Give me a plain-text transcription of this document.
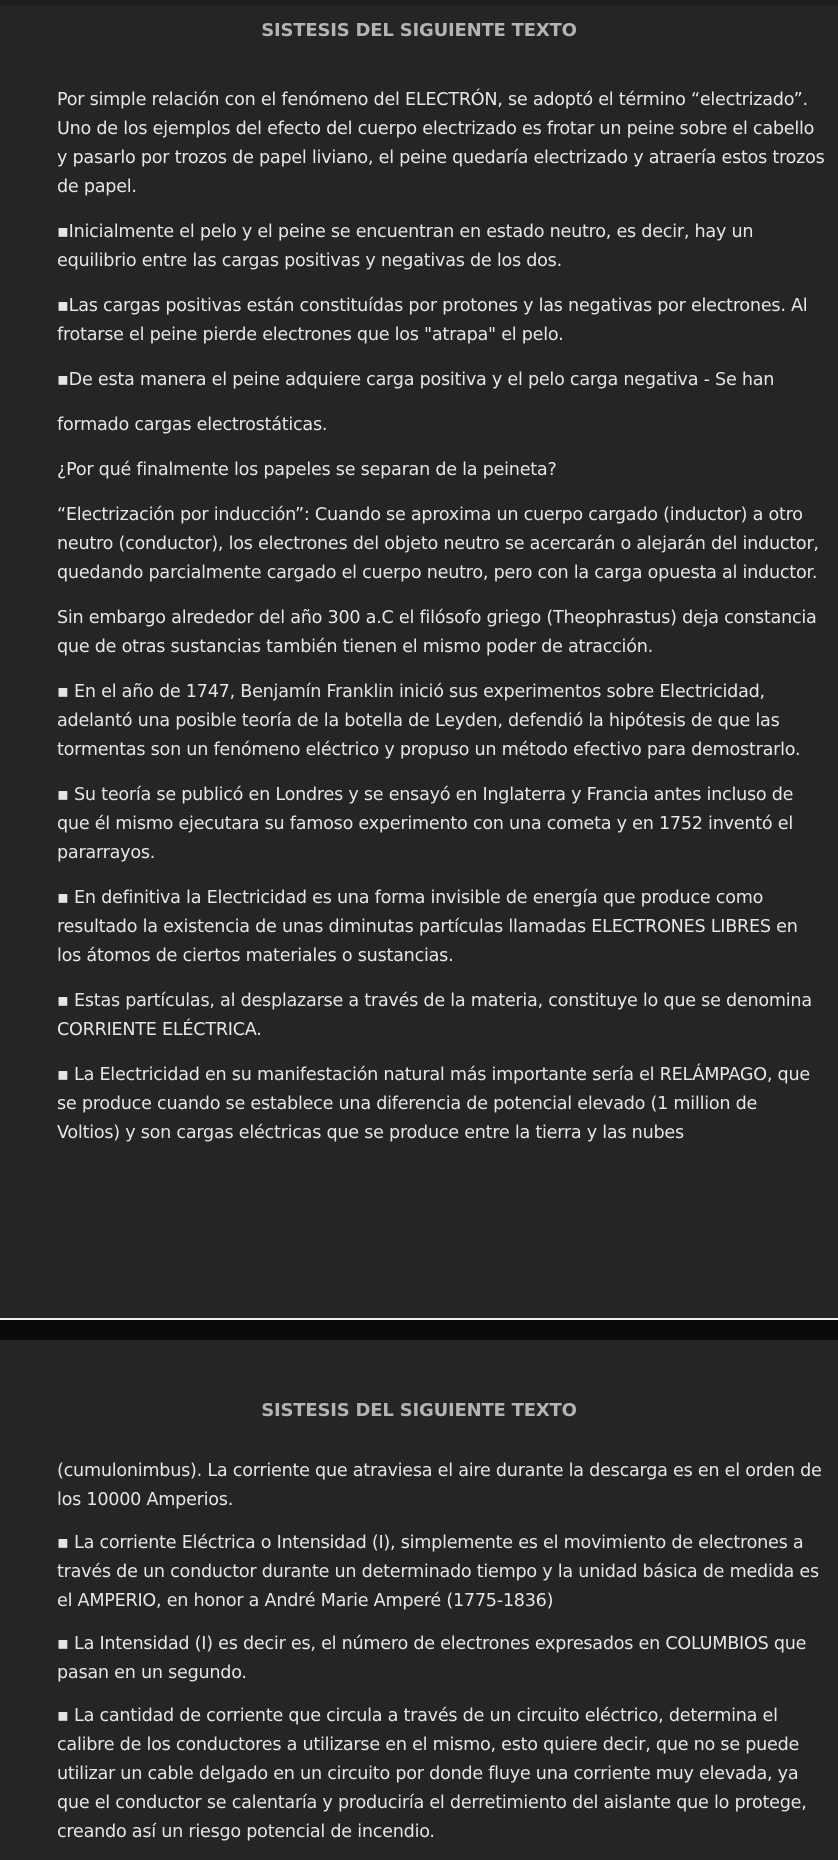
SISTESIS DEL SIGUIENTE TEXTO

Por simple relación con el fenómeno del ELECTRÓN, se adoptó el término “electrizado”. Uno de los ejemplos del efecto del cuerpo electrizado es frotar un peine sobre el cabello y pasarlo por trozos de papel liviano, el peine quedaría electrizado y atraería estos trozos de papel.

▪Inicialmente el pelo y el peine se encuentran en estado neutro, es decir, hay un equilibrio entre las cargas positivas y negativas de los dos.

▪Las cargas positivas están constituídas por protones y las negativas por electrones. Al frotarse el peine pierde electrones que los "atrapa" el pelo.

▪De esta manera el peine adquiere carga positiva y el pelo carga negativa - Se han

formado cargas electrostáticas.

¿Por qué finalmente los papeles se separan de la peineta?

“Electrización por inducción”: Cuando se aproxima un cuerpo cargado (inductor) a otro neutro (conductor), los electrones del objeto neutro se acercarán o alejarán del inductor, quedando parcialmente cargado el cuerpo neutro, pero con la carga opuesta al inductor.

Sin embargo alrededor del año 300 a.C el filósofo griego (Theophrastus) deja constancia que de otras sustancias también tienen el mismo poder de atracción.

▪ En el año de 1747, Benjamín Franklin inició sus experimentos sobre Electricidad, adelantó una posible teoría de la botella de Leyden, defendió la hipótesis de que las tormentas son un fenómeno eléctrico y propuso un método efectivo para demostrarlo.

▪ Su teoría se publicó en Londres y se ensayó en Inglaterra y Francia antes incluso de que él mismo ejecutara su famoso experimento con una cometa y en 1752 inventó el pararrayos.

▪ En definitiva la Electricidad es una forma invisible de energía que produce como resultado la existencia de unas diminutas partículas llamadas ELECTRONES LIBRES en los átomos de ciertos materiales o sustancias.

▪ Estas partículas, al desplazarse a través de la materia, constituye lo que se denomina CORRIENTE ELÉCTRICA.

▪ La Electricidad en su manifestación natural más importante sería el RELÁMPAGO, que se produce cuando se establece una diferencia de potencial elevado (1 million de Voltios) y son cargas eléctricas que se produce entre la tierra y las nubes

SISTESIS DEL SIGUIENTE TEXTO

(cumulonimbus). La corriente que atraviesa el aire durante la descarga es en el orden de los 10000 Amperios.

▪ La corriente Eléctrica o Intensidad (I), simplemente es el movimiento de electrones a través de un conductor durante un determinado tiempo y la unidad básica de medida es el AMPERIO, en honor a André Marie Amperé (1775-1836)

▪ La Intensidad (I) es decir es, el número de electrones expresados en COLUMBIOS que pasan en un segundo.

▪ La cantidad de corriente que circula a través de un circuito eléctrico, determina el calibre de los conductores a utilizarse en el mismo, esto quiere decir, que no se puede utilizar un cable delgado en un circuito por donde fluye una corriente muy elevada, ya que el conductor se calentaría y produciría el derretimiento del aislante que lo protege, creando así un riesgo potencial de incendio.
